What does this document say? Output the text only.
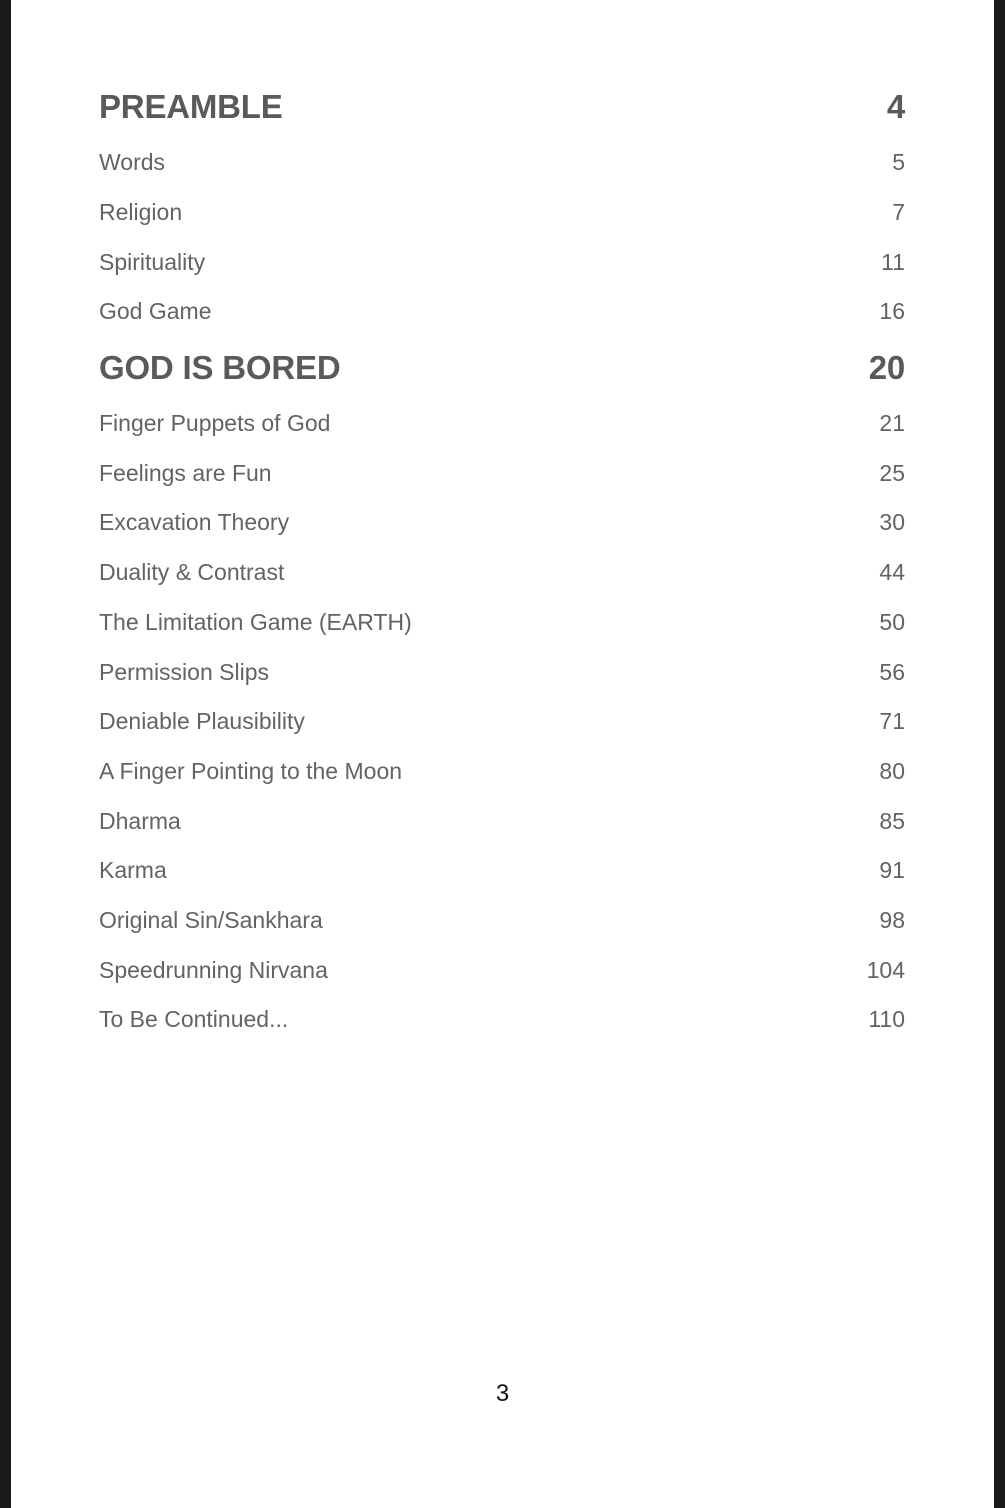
PREAMBLE	4
Words	5
Religion	7
Spirituality	11
God Game	16
GOD IS BORED	20
Finger Puppets of God	21
Feelings are Fun	25
Excavation Theory	30
Duality & Contrast	44
The Limitation Game (EARTH)	50
Permission Slips	56
Deniable Plausibility	71
A Finger Pointing to the Moon	80
Dharma	85
Karma	91
Original Sin/Sankhara	98
Speedrunning Nirvana	104
To Be Continued...	110
3
